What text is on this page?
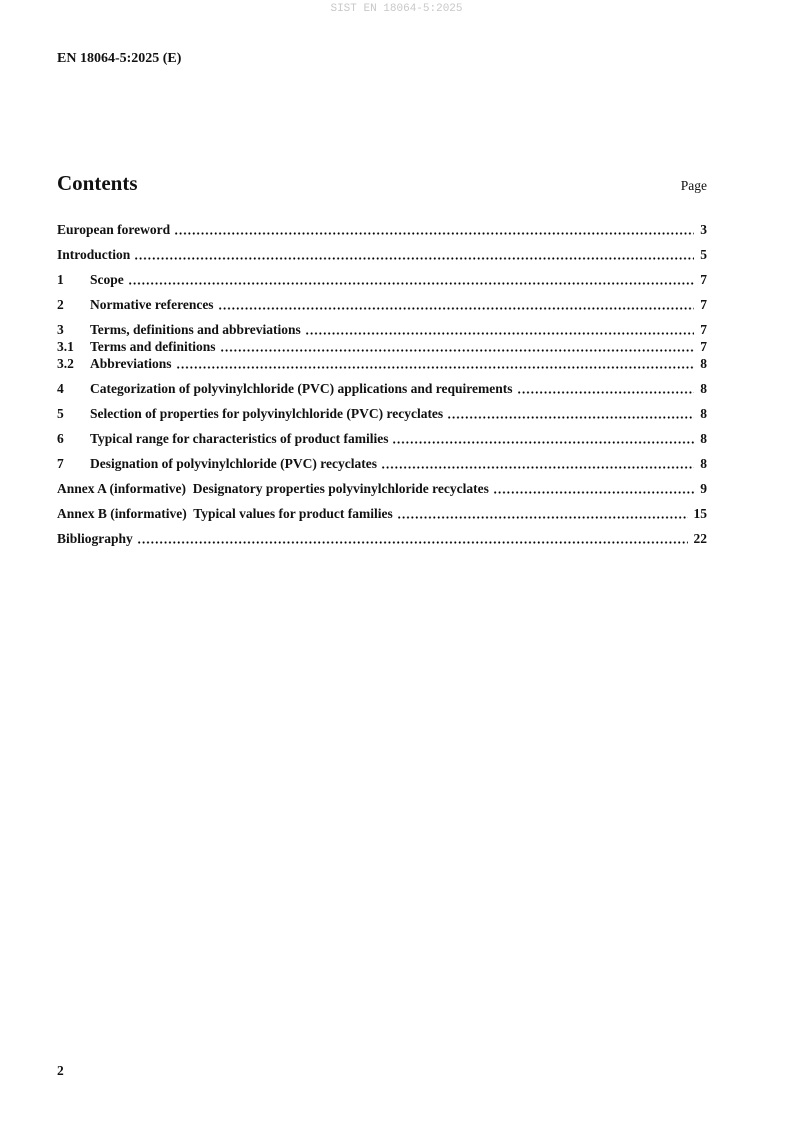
SIST EN 18064-5:2025
EN 18064-5:2025 (E)
Contents	Page
European foreword	3
Introduction	5
1	Scope	7
2	Normative references	7
3	Terms, definitions and abbreviations	7
3.1	Terms and definitions	7
3.2	Abbreviations	8
4	Categorization of polyvinylchloride (PVC) applications and requirements	8
5	Selection of properties for polyvinylchloride (PVC) recyclates	8
6	Typical range for characteristics of product families	8
7	Designation of polyvinylchloride (PVC) recyclates	8
Annex A (informative)  Designatory properties polyvinylchloride recyclates	9
Annex B (informative)  Typical values for product families	15
Bibliography	22
2
